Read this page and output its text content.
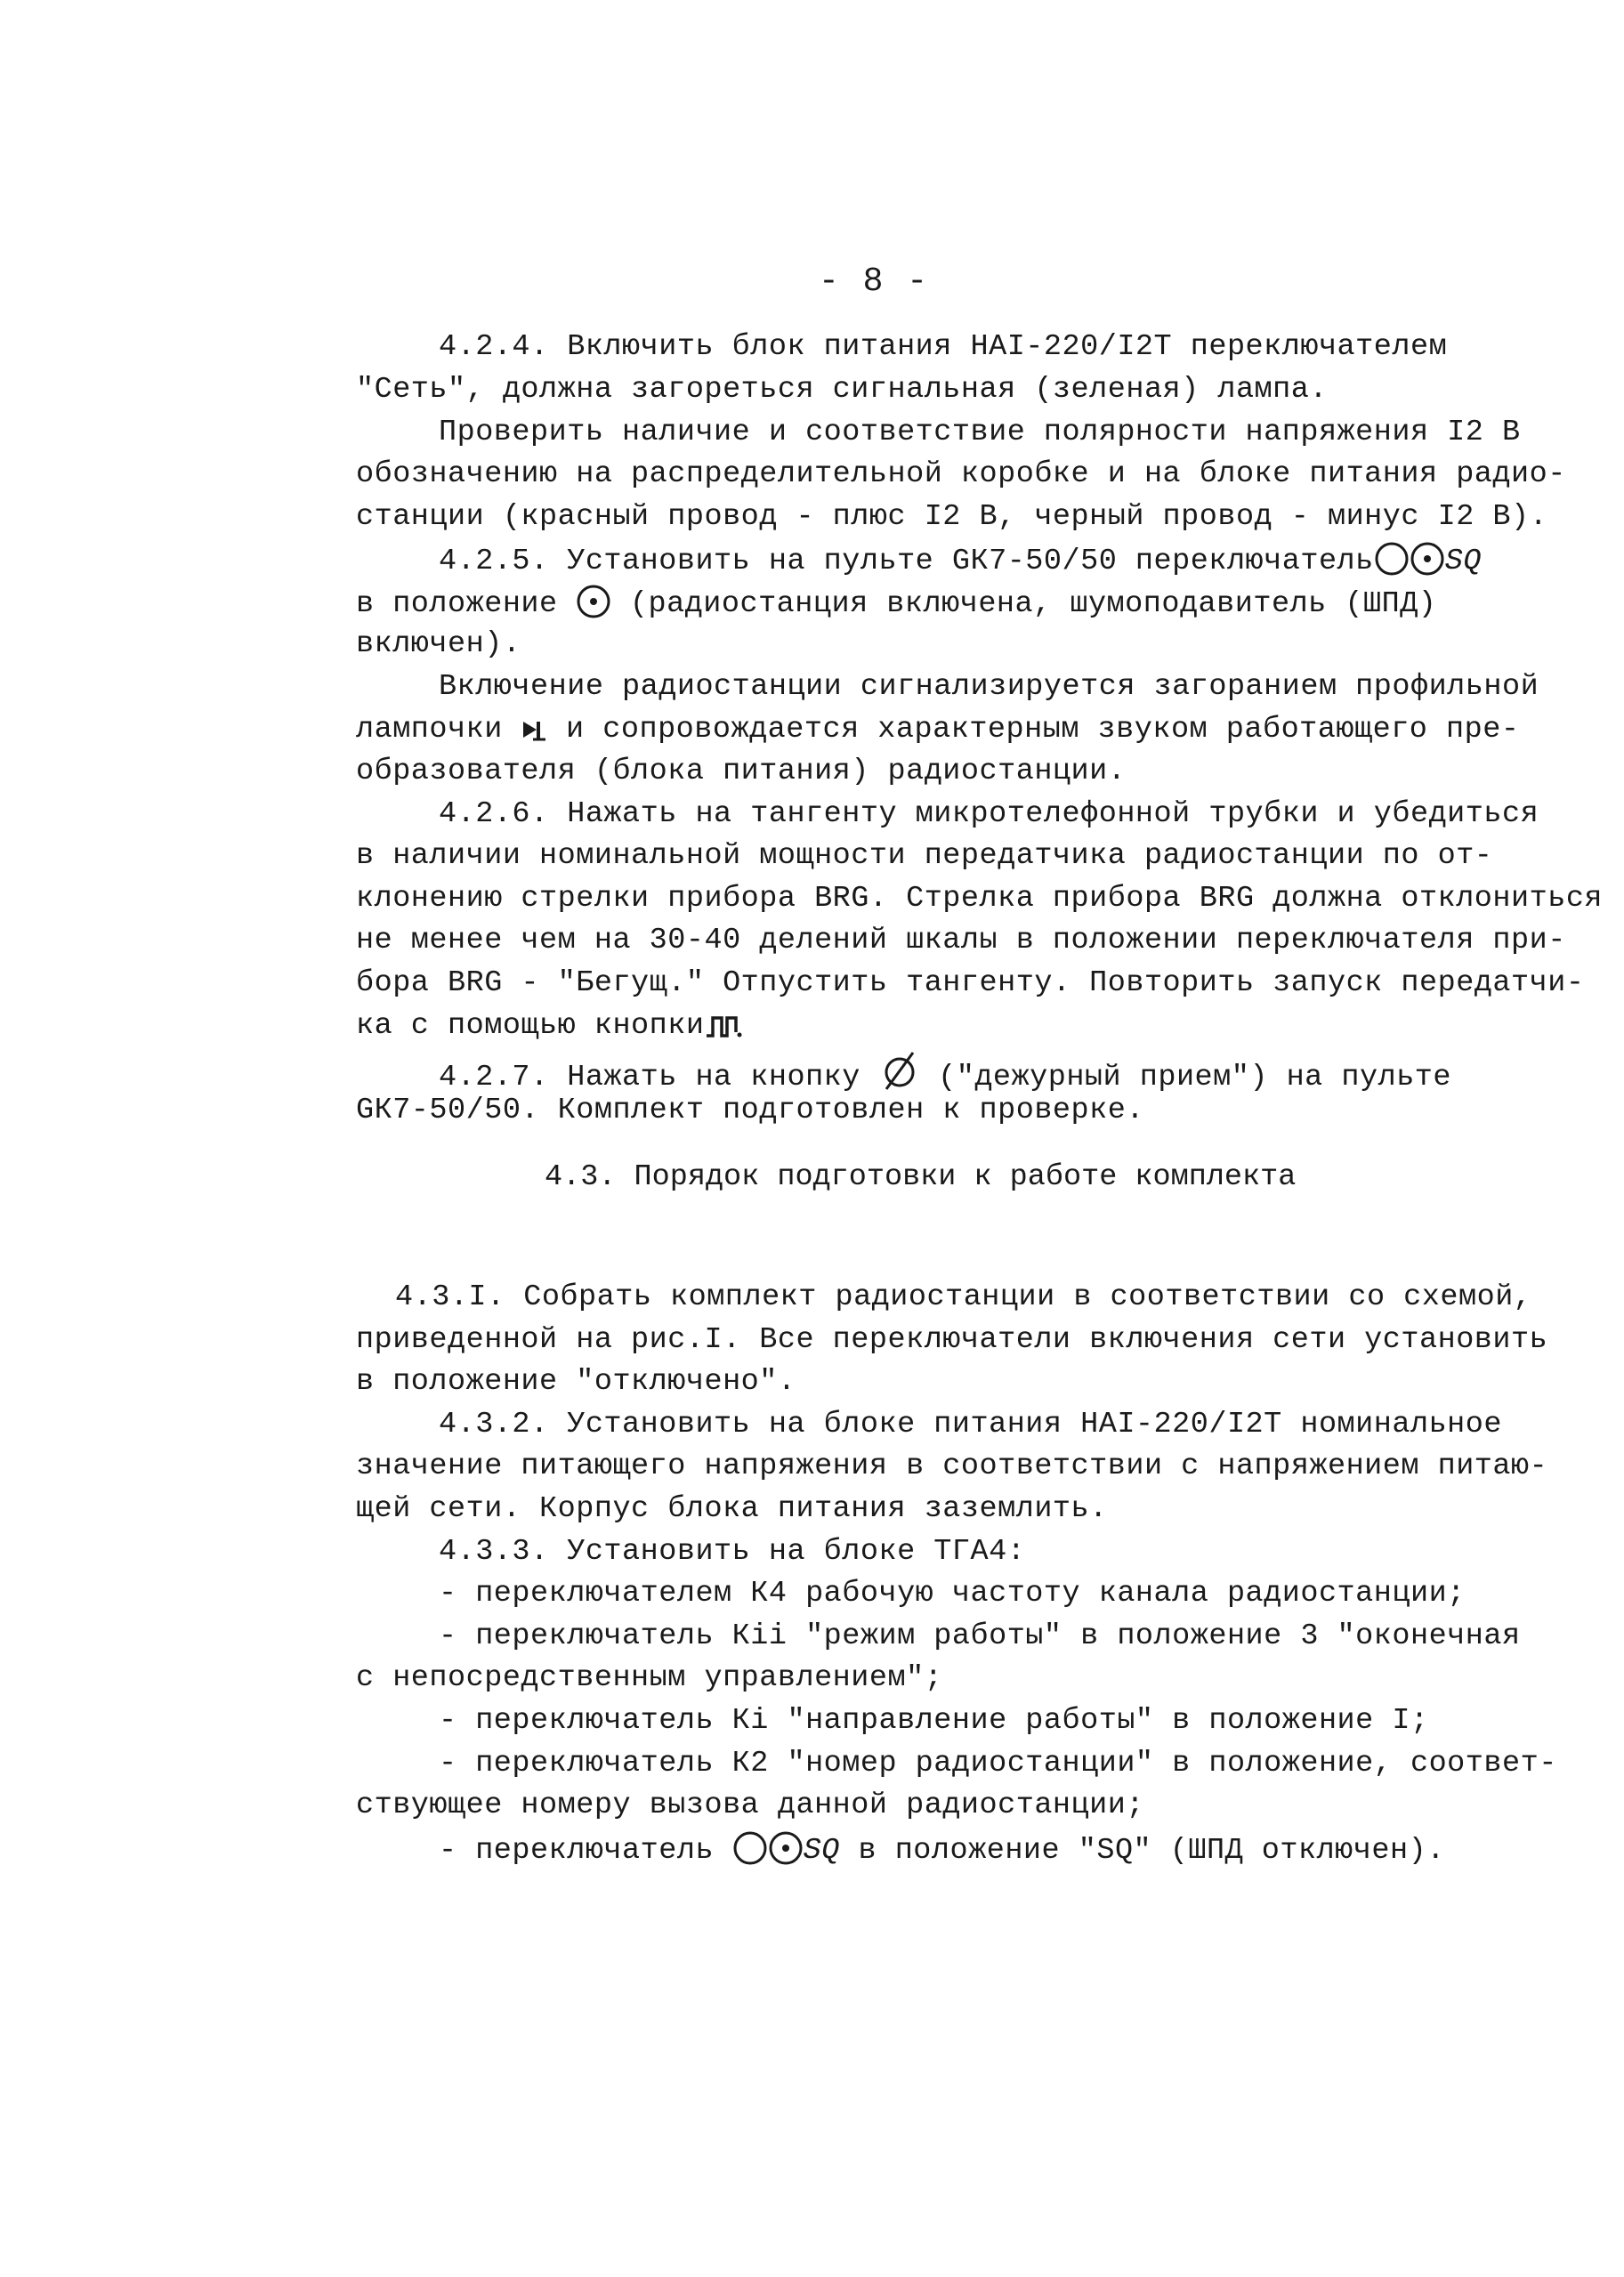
- 8 -
4.2.4. Включить блок питания НАI-220/I2Т переключателем
"Сеть", должна загореться сигнальная (зеленая) лампа.
Проверить наличие и соответствие полярности напряжения I2 В
обозначению на распределительной коробке и на блоке питания радио-
станции (красный провод - плюс I2 В, черный провод - минус I2 В).
4.2.5. Установить на пульте GК7-50/50 переключатель SQ
в положение (радиостанция включена, шумоподавитель (ШПД)
включен).
Включение радиостанции сигнализируется загоранием профильной
лампочки и сопровождается характерным звуком работающего пре-
образователя (блока питания) радиостанции.
4.2.6. Нажать на тангенту микротелефонной трубки и убедиться
в наличии номинальной мощности передатчика радиостанции по от-
клонению стрелки прибора BRG. Стрелка прибора BRG должна отклониться
не менее чем на 30-40 делений шкалы в положении переключателя при-
бора BRG - "Бегущ." Отпустить тангенту. Повторить запуск передатчи-
ка с помощью кнопки
4.2.7. Нажать на кнопку	("дежурный прием") на пульте
GК7-50/50. Комплект подготовлен к проверке.
4.3. Порядок подготовки к работе комплекта
4.3.I. Собрать комплект радиостанции в соответствии со схемой,
приведенной на рис.I. Все переключатели включения сети установить
в положение "отключено".
4.3.2. Установить на блоке питания НАI-220/I2Т номинальное
значение питающего напряжения в соответствии с напряжением питаю-
щей сети. Корпус блока питания заземлить.
4.3.3. Установить на блоке ТГА4:
- переключателем К4 рабочую частоту канала радиостанции;
- переключатель Кii "режим работы" в положение 3 "оконечная
с непосредственным управлением";
- переключатель Кi "направление работы" в положение I;
- переключатель К2 "номер радиостанции" в положение, соответ-
ствующее номеру вызова данной радиостанции;
- переключатель	SQ в положение "SQ" (ШПД отключен).
